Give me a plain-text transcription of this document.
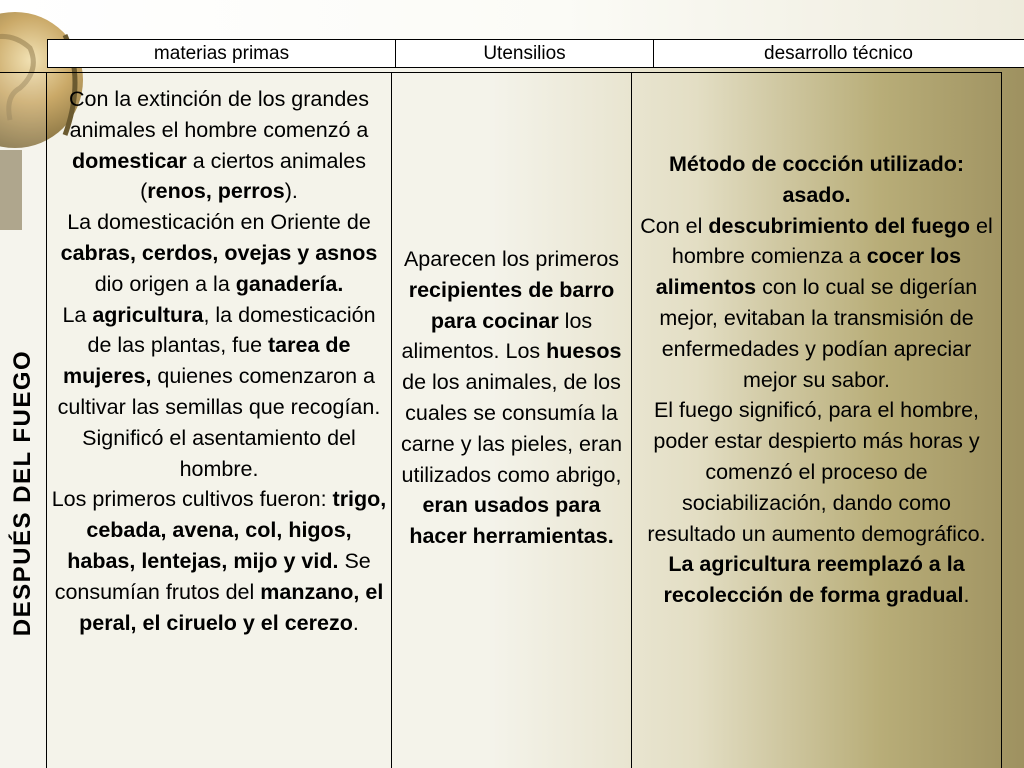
materias primas	Utensilios	desarrollo técnico
DESPUÉS DEL FUEGO

Con la extinción de los grandes animales el hombre comenzó a domesticar a ciertos animales (renos, perros).
La domesticación en Oriente de cabras, cerdos, ovejas y asnos dio origen a la ganadería.
La agricultura, la domesticación de las plantas, fue tarea de mujeres, quienes comenzaron a cultivar las semillas que recogían. Significó el asentamiento del hombre.
Los primeros cultivos fueron: trigo, cebada, avena, col, higos, habas, lentejas, mijo y vid. Se consumían frutos del manzano, el peral, el ciruelo y el cerezo.

Aparecen los primeros recipientes de barro para cocinar los alimentos. Los huesos de los animales, de los cuales se consumía la carne y las pieles, eran utilizados como abrigo, eran usados para hacer herramientas.

Método de cocción utilizado: asado.
Con el descubrimiento del fuego el hombre comienza a cocer los alimentos con lo cual se digerían mejor, evitaban la transmisión de enfermedades y podían apreciar mejor su sabor.
El fuego significó, para el hombre, poder estar despierto más horas y comenzó el proceso de sociabilización, dando como resultado un aumento demográfico.
La agricultura reemplazó a la recolección de forma gradual.
